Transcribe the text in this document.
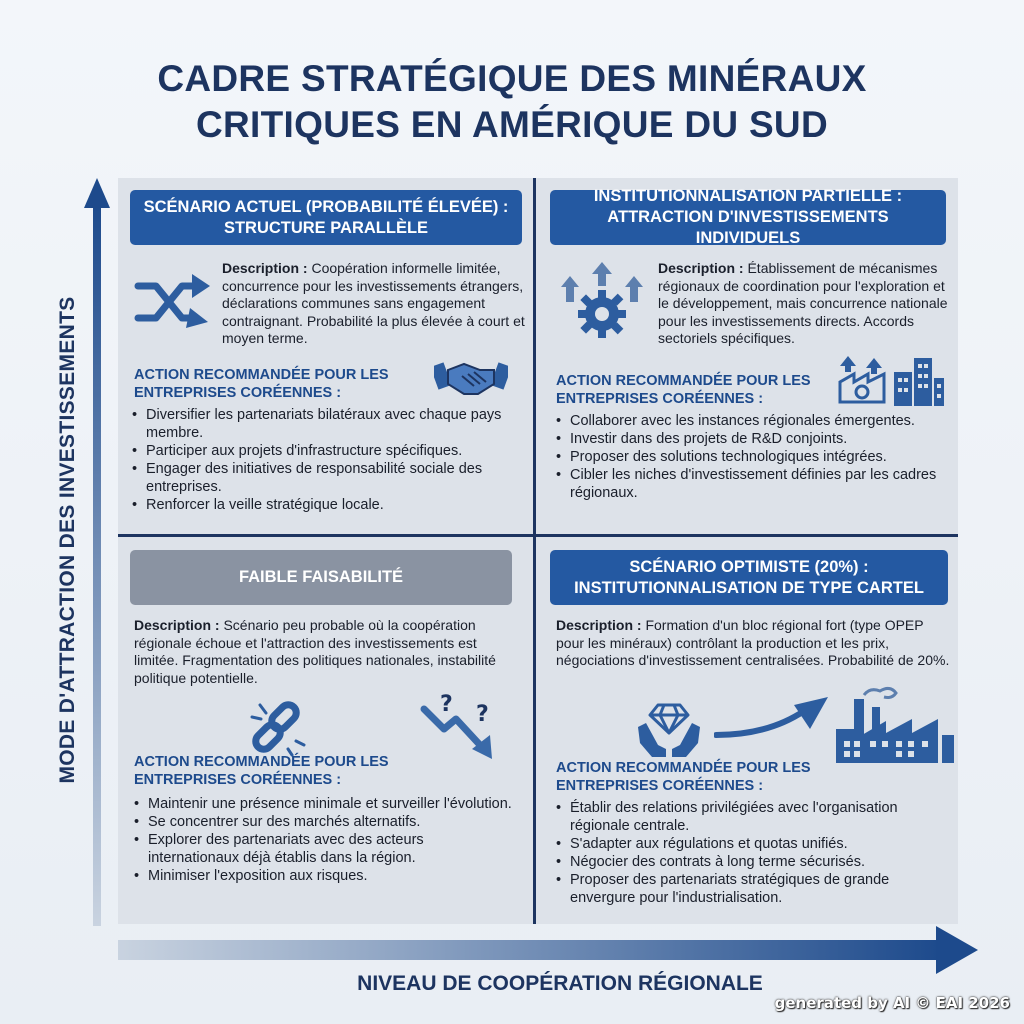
CADRE STRATÉGIQUE DES MINÉRAUX
CRITIQUES EN AMÉRIQUE DU SUD
MODE D'ATTRACTION DES INVESTISSEMENTS
NIVEAU DE COOPÉRATION RÉGIONALE
SCÉNARIO ACTUEL (PROBABILITÉ ÉLEVÉE) :
STRUCTURE PARALLÈLE
Description : Coopération informelle limitée, concurrence pour les investissements étrangers, déclarations communes sans engagement contraignant. Probabilité la plus élevée à court et moyen terme.
ACTION RECOMMANDÉE POUR LES
ENTREPRISES CORÉENNES :
• Diversifier les partenariats bilatéraux avec chaque pays membre.
• Participer aux projets d'infrastructure spécifiques.
• Engager des initiatives de responsabilité sociale des entreprises.
• Renforcer la veille stratégique locale.
INSTITUTIONNALISATION PARTIELLE :
ATTRACTION D'INVESTISSEMENTS INDIVIDUELS
Description : Établissement de mécanismes régionaux de coordination pour l'exploration et le développement, mais concurrence nationale pour les investissements directs. Accords sectoriels spécifiques.
ACTION RECOMMANDÉE POUR LES
ENTREPRISES CORÉENNES :
• Collaborer avec les instances régionales émergentes.
• Investir dans des projets de R&D conjoints.
• Proposer des solutions technologiques intégrées.
• Cibler les niches d'investissement définies par les cadres régionaux.
FAIBLE FAISABILITÉ
Description : Scénario peu probable où la coopération régionale échoue et l'attraction des investissements est limitée. Fragmentation des politiques nationales, instabilité politique potentielle.
? ?
ACTION RECOMMANDÉE POUR LES
ENTREPRISES CORÉENNES :
• Maintenir une présence minimale et surveiller l'évolution.
• Se concentrer sur des marchés alternatifs.
• Explorer des partenariats avec des acteurs internationaux déjà établis dans la région.
• Minimiser l'exposition aux risques.
SCÉNARIO OPTIMISTE (20%) :
INSTITUTIONNALISATION DE TYPE CARTEL
Description : Formation d'un bloc régional fort (type OPEP pour les minéraux) contrôlant la production et les prix, négociations d'investissement centralisées. Probabilité de 20%.
ACTION RECOMMANDÉE POUR LES
ENTREPRISES CORÉENNES :
• Établir des relations privilégiées avec l'organisation régionale centrale.
• S'adapter aux régulations et quotas unifiés.
• Négocier des contrats à long terme sécurisés.
• Proposer des partenariats stratégiques de grande envergure pour l'industrialisation.
generated by AI © EAI 2026
